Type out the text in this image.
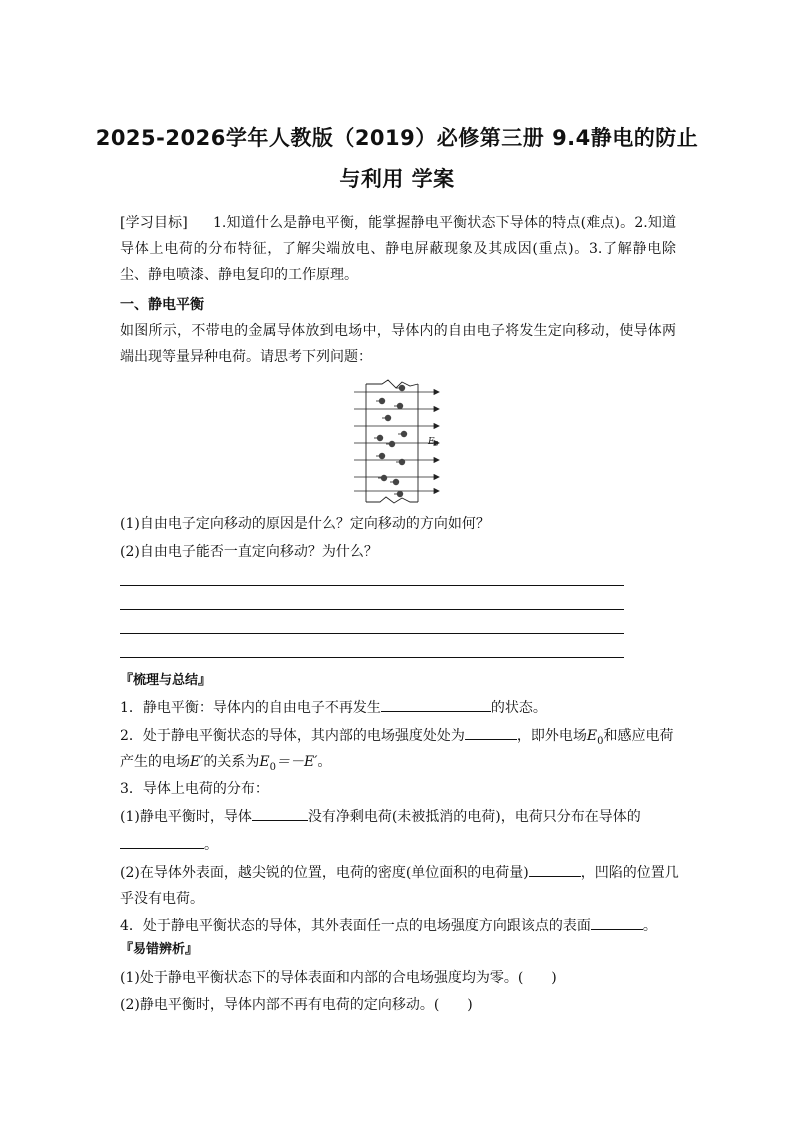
2025-2026学年人教版（2019）必修第三册 9.4静电的防止
与利用 学案
[学习目标] 1.知道什么是静电平衡，能掌握静电平衡状态下导体的特点(难点)。2.知道导体上电荷的分布特征，了解尖端放电、静电屏蔽现象及其成因(重点)。3.了解静电除尘、静电喷漆、静电复印的工作原理。
一、静电平衡
如图所示，不带电的金属导体放到电场中，导体内的自由电子将发生定向移动，使导体两端出现等量异种电荷。请思考下列问题：
$E_0$
(1)自由电子定向移动的原因是什么？定向移动的方向如何？
(2)自由电子能否一直定向移动？为什么？
『梳理与总结』
1．静电平衡：导体内的自由电子不再发生	的状态。
2．处于静电平衡状态的导体，其内部的电场强度处处为	，即外电场$E_0$和感应电荷
产生的电场E′的关系为$E_0=-E'$。
3．导体上电荷的分布：
(1)静电平衡时，导体	没有净剩电荷(未被抵消的电荷)，电荷只分布在导体的
。
(2)在导体外表面，越尖锐的位置，电荷的密度(单位面积的电荷量)	，凹陷的位置几
乎没有电荷。
4．处于静电平衡状态的导体，其外表面任一点的电场强度方向跟该点的表面	。
『易错辨析』
(1)处于静电平衡状态下的导体表面和内部的合电场强度均为零。(　　)
(2)静电平衡时，导体内部不再有电荷的定向移动。(　　)
